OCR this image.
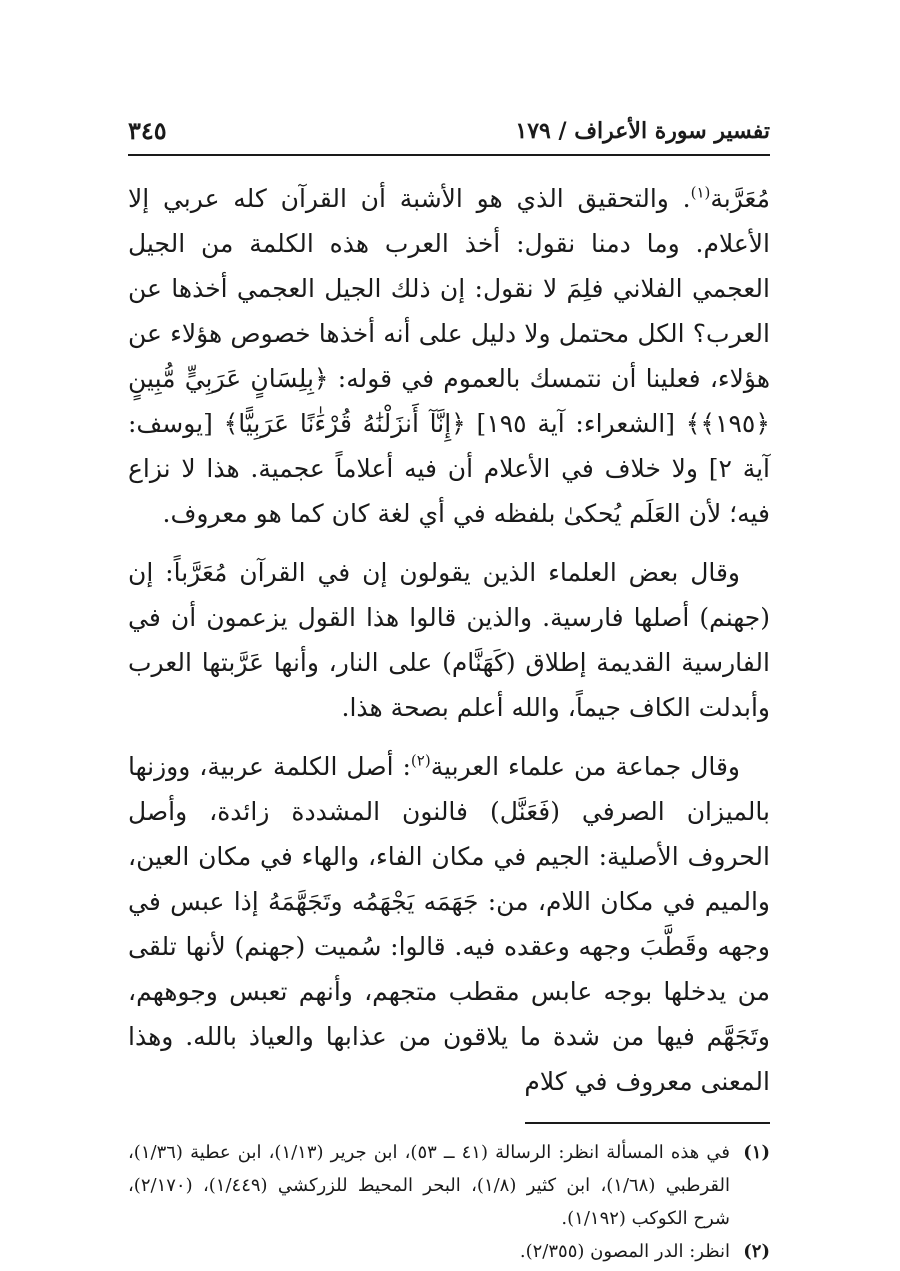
تفسير سورة الأعراف / ١٧٩
٣٤٥

مُعَرَّبة$^{(١)}$. والتحقيق الذي هو الأشبة أن القرآن كله عربي إلا الأعلام. وما دمنا نقول: أخذ العرب هذه الكلمة من الجيل العجمي الفلاني فلِمَ لا نقول: إن ذلك الجيل العجمي أخذها عن العرب؟ الكل محتمل ولا دليل على أنه أخذها خصوص هؤلاء عن هؤلاء، فعلينا أن نتمسك بالعموم في قوله: ﴿بِلِسَانٍ عَرَبِيٍّ مُّبِينٍ ﴿١٩٥﴾﴾ [الشعراء: آية ١٩٥] ﴿إِنَّآ أَنزَلْنَٰهُ قُرْءَٰنًا عَرَبِيًّا﴾ [يوسف: آية ٢] ولا خلاف في الأعلام أن فيه أعلاماً عجمية. هذا لا نزاع فيه؛ لأن العَلَم يُحكىٰ بلفظه في أي لغة كان كما هو معروف.

وقال بعض العلماء الذين يقولون إن في القرآن مُعَرَّباً: إن (جهنم) أصلها فارسية. والذين قالوا هذا القول يزعمون أن في الفارسية القديمة إطلاق (كَهَنَّام) على النار، وأنها عَرَّبتها العرب وأبدلت الكاف جيماً، والله أعلم بصحة هذا.

وقال جماعة من علماء العربية$^{(٢)}$: أصل الكلمة عربية، ووزنها بالميزان الصرفي (فَعَنَّل) فالنون المشددة زائدة، وأصل الحروف الأصلية: الجيم في مكان الفاء، والهاء في مكان العين، والميم في مكان اللام، من: جَهَمَه يَجْهَمُه وتَجَهَّمَهُ إذا عبس في وجهه وقَطَّبَ وجهه وعقده فيه. قالوا: سُميت (جهنم) لأنها تلقى من يدخلها بوجه عابس مقطب متجهم، وأنهم تعبس وجوههم، وتَجَهَّم فيها من شدة ما يلاقون من عذابها والعياذ بالله. وهذا المعنى معروف في كلام

(١)في هذه المسألة انظر: الرسالة (٤١ ــ ٥٣)، ابن جرير (١/١٣)، ابن عطية (١/٣٦)، القرطبي (١/٦٨)، ابن كثير (١/٨)، البحر المحيط للزركشي (١/٤٤٩)، (٢/١٧٠)، شرح الكوكب (١/١٩٢).

(٢)انظر: الدر المصون (٢/٣٥٥).
